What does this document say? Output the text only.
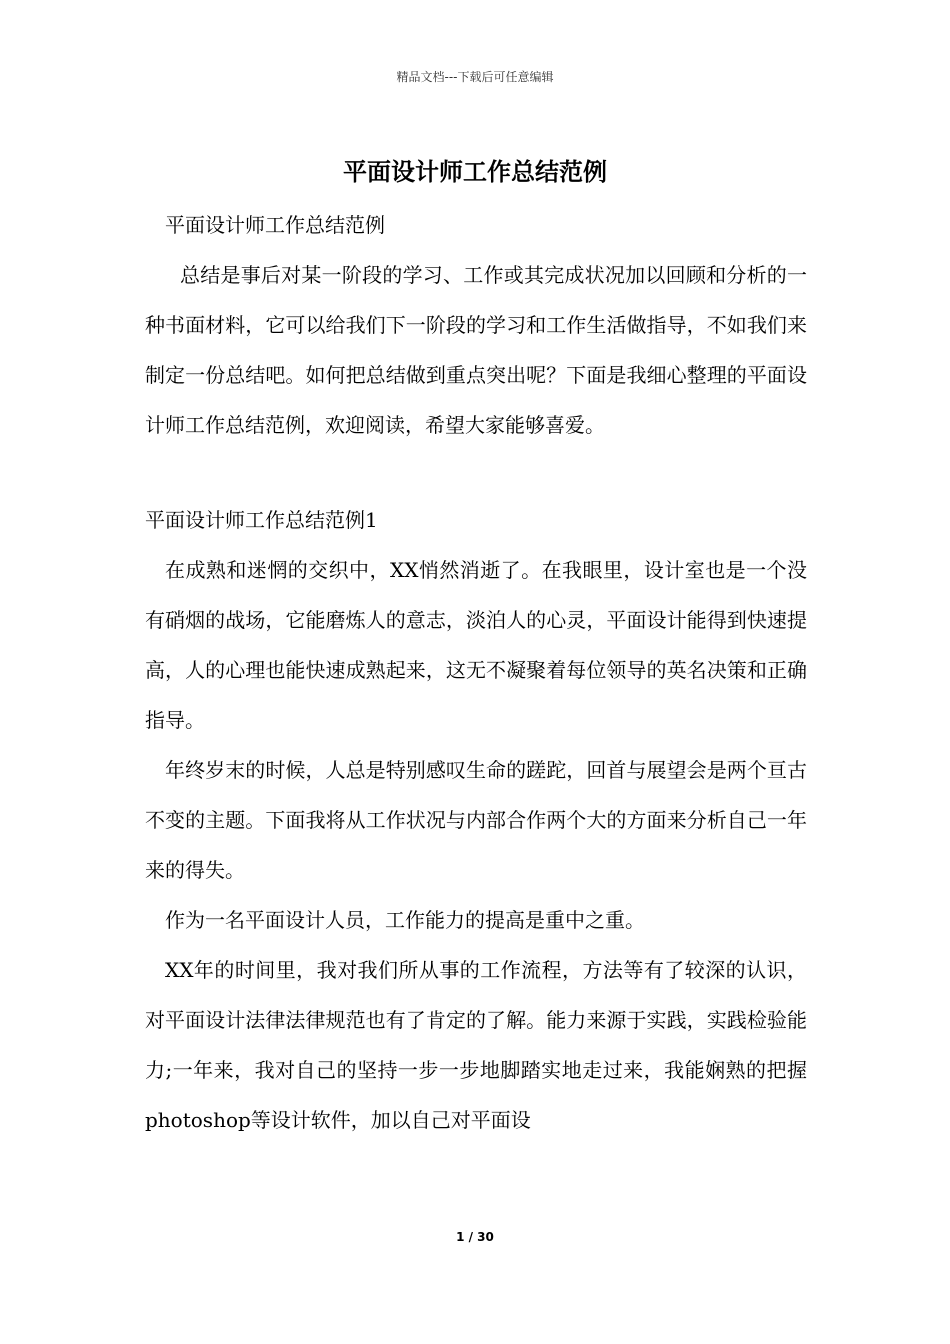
精品文档---下载后可任意编辑
平面设计师工作总结范例

平面设计师工作总结范例

总结是事后对某一阶段的学习、工作或其完成状况加以回顾和分析的一种书面材料，它可以给我们下一阶段的学习和工作生活做指导，不如我们来制定一份总结吧。如何把总结做到重点突出呢？下面是我细心整理的平面设计师工作总结范例，欢迎阅读，希望大家能够喜爱。

平面设计师工作总结范例1

在成熟和迷惘的交织中，XX悄然消逝了。在我眼里，设计室也是一个没有硝烟的战场，它能磨炼人的意志，淡泊人的心灵，平面设计能得到快速提高，人的心理也能快速成熟起来，这无不凝聚着每位领导的英名决策和正确指导。

年终岁末的时候，人总是特别感叹生命的蹉跎，回首与展望会是两个亘古不变的主题。下面我将从工作状况与内部合作两个大的方面来分析自己一年来的得失。

作为一名平面设计人员，工作能力的提高是重中之重。

XX年的时间里，我对我们所从事的工作流程，方法等有了较深的认识，对平面设计法律法律规范也有了肯定的了解。能力来源于实践，实践检验能力;一年来，我对自己的坚持一步一步地脚踏实地走过来，我能娴熟的把握photoshop等设计软件，加以自己对平面设

1 / 30
